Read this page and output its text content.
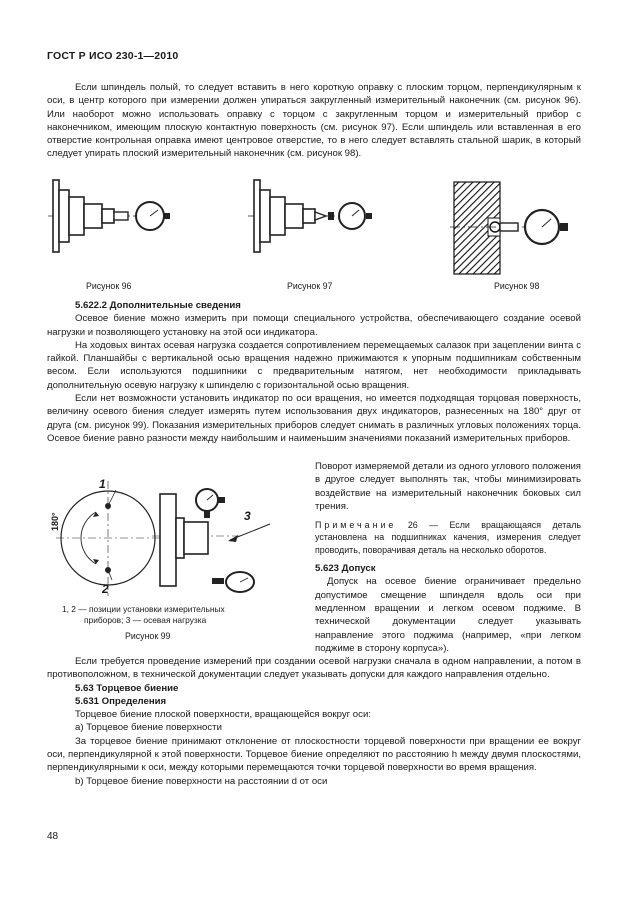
ГОСТ Р ИСО 230-1—2010

Если шпиндель полый, то следует вставить в него короткую оправку с плоским торцом, перпендикулярным к оси, в центр которого при измерении должен упираться закругленный измерительный наконечник (см. рисунок 96). Или наоборот можно использовать оправку с торцом с закругленным торцом и измерительный прибор с наконечником, имеющим плоскую контактную поверхность (см. рисунок 97). Если шпиндель или вставленная в его отверстие контрольная оправка имеют центровое отверстие, то в него следует вставлять стальной шарик, в который следует упирать плоский измерительный наконечник (см. рисунок 98).

Рисунок 96	Рисунок 97	Рисунок 98

5.622.2 Дополнительные сведения

Осевое биение можно измерить при помощи специального устройства, обеспечивающего создание осевой нагрузки и позволяющего установку на этой оси индикатора.

На ходовых винтах осевая нагрузка создается сопротивлением перемещаемых салазок при зацеплении винта с гайкой. Планшайбы с вертикальной осью вращения надежно прижимаются к упорным подшипникам собственным весом. Если используются подшипники с предварительным натягом, нет необходимости прикладывать дополнительную осевую нагрузку к шпинделю с горизонтальной осью вращения.

Если нет возможности установить индикатор по оси вращения, но имеется подходящая торцовая поверхность, величину осевого биения следует измерять путем использования двух индикаторов, разнесенных на 180° друг от друга (см. рисунок 99). Показания измерительных приборов следует снимать в различных угловых положениях торца. Осевое биение равно разности между наибольшим и наименьшим значениями показаний измерительных приборов.

1
2
3
180°
1, 2 — позиции установки измерительных
приборов; 3 — осевая нагрузка
Рисунок 99

Поворот измеряемой детали из одного углового положения в другое следует выполнять так, чтобы минимизировать воздействие на измерительный наконечник боковых сил трения.

Примечание 26 — Если вращающаяся деталь установлена на подшипниках качения, измерения следует проводить, поворачивая деталь на несколько оборотов.

5.623 Допуск

Допуск на осевое биение ограничивает предельно допустимое смещение шпинделя вдоль оси при медленном вращении и легком осевом поджиме. В технической документации следует указывать направление этого поджима (например, «при легком поджиме в сторону корпуса»).

Если требуется проведение измерений при создании осевой нагрузки сначала в одном направлении, а потом в противоположном, в технической документации следует указывать допуски для каждого направления отдельно.

5.63 Торцевое биение

5.631 Определения

Торцевое биение плоской поверхности, вращающейся вокруг оси:

а) Торцевое биение поверхности

За торцевое биение принимают отклонение от плоскостности торцевой поверхности при вращении ее вокруг оси, перпендикулярной к этой поверхности. Торцевое биение определяют по расстоянию h между двумя плоскостями, перпендикулярными к оси, между которыми перемещаются точки торцевой поверхности во время вращения.

b) Торцевое биение поверхности на расстоянии d от оси

48
